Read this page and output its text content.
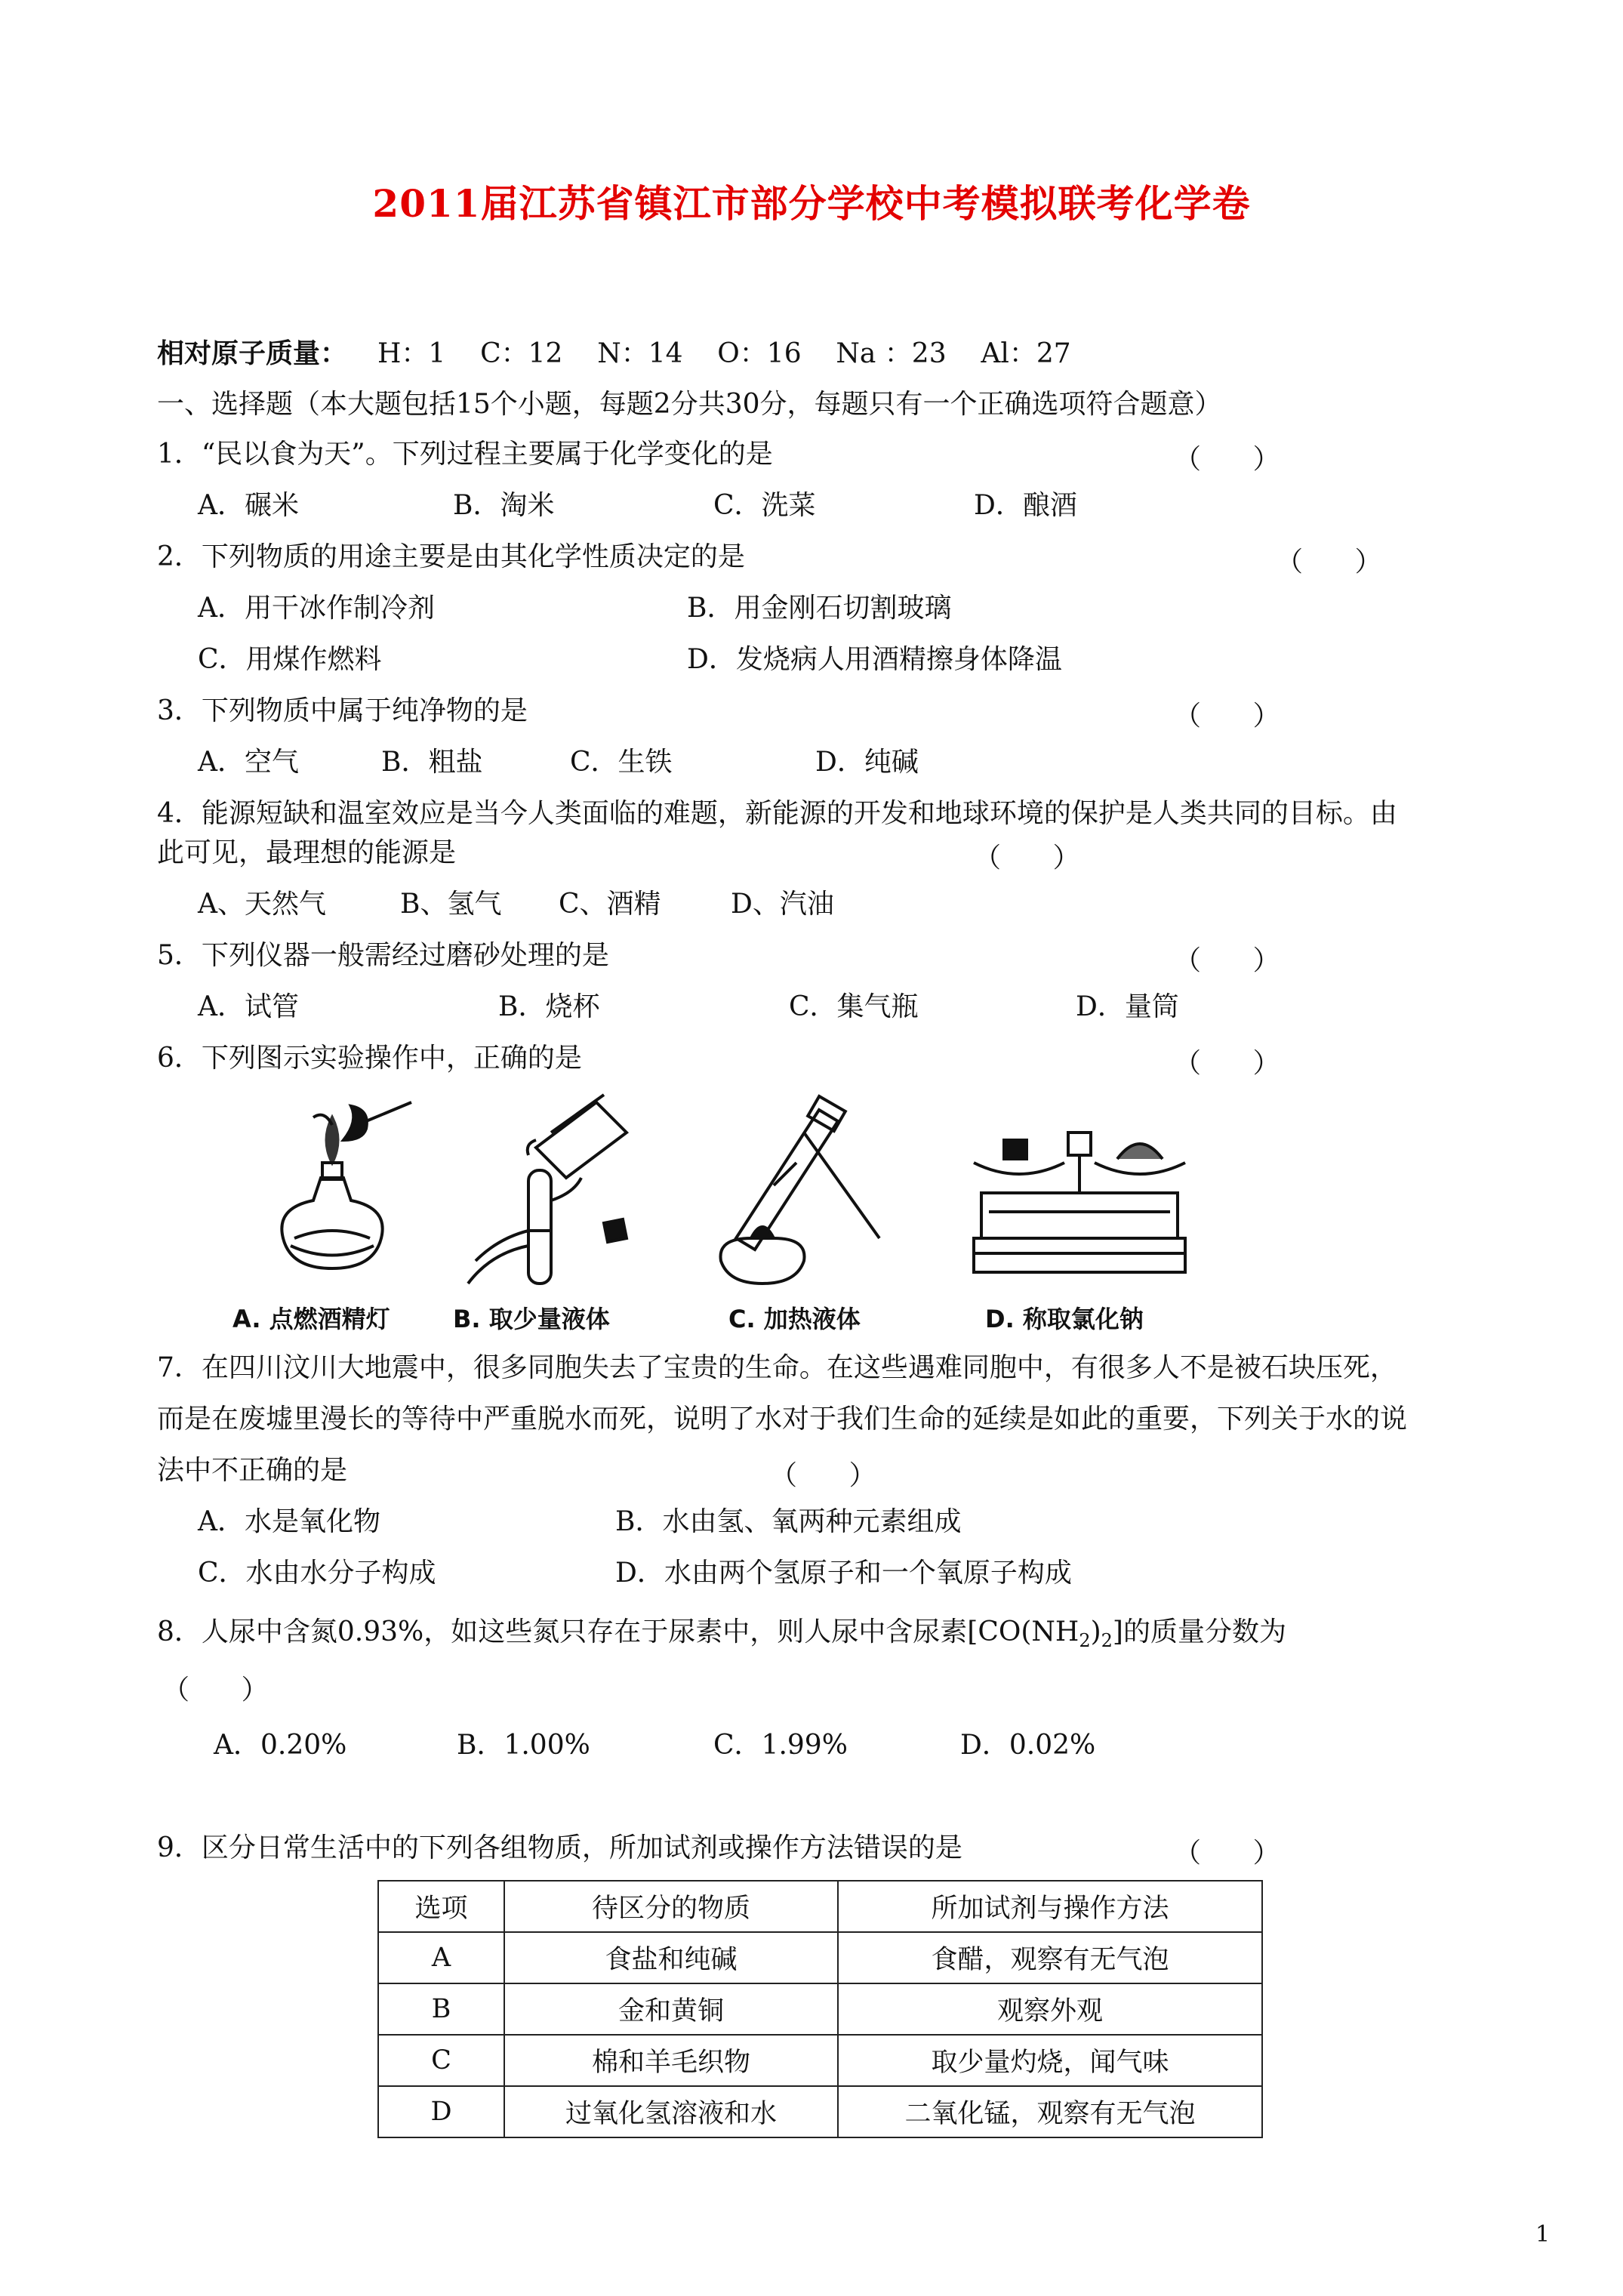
2011届江苏省镇江市部分学校中考模拟联考化学卷
相对原子质量： H：1    C：12    N：14    O：16    Na ：23    Al：27
一、选择题（本大题包括15个小题，每题2分共30分，每题只有一个正确选项符合题意）
1．“民以食为天”。下列过程主要属于化学变化的是	（      ）
A．碾米	B．淘米	C．洗菜	D．酿酒
2．下列物质的用途主要是由其化学性质决定的是	（      ）
A．用干冰作制冷剂	B．用金刚石切割玻璃
C．用煤作燃料	D．发烧病人用酒精擦身体降温
3．下列物质中属于纯净物的是	（      ）
A．空气	B．粗盐	C．生铁	D．纯碱
4．能源短缺和温室效应是当今人类面临的难题，新能源的开发和地球环境的保护是人类共同的目标。由
此可见，最理想的能源是	（      ）
A、天然气	B、氢气 C、酒精	D、汽油
5．下列仪器一般需经过磨砂处理的是	（      ）
A．试管	B．烧杯	C．集气瓶	D．量筒
6．下列图示实验操作中，正确的是	（      ）
A. 点燃酒精灯	B. 取少量液体	C. 加热液体	D. 称取氯化钠
7．在四川汶川大地震中，很多同胞失去了宝贵的生命。在这些遇难同胞中，有很多人不是被石块压死，
而是在废墟里漫长的等待中严重脱水而死，说明了水对于我们生命的延续是如此的重要，下列关于水的说
法中不正确的是	（      ）
A．水是氧化物	B．水由氢、氧两种元素组成
C．水由水分子构成	D．水由两个氢原子和一个氧原子构成
8．人尿中含氮0.93%，如这些氮只存在于尿素中，则人尿中含尿素$[CO(NH_2)_2]$的质量分数为
（      ）
A．0.20%	B．1.00%	C．1.99%	D．0.02%
9．区分日常生活中的下列各组物质，所加试剂或操作方法错误的是	（      ）
选项	待区分的物质	所加试剂与操作方法
A	食盐和纯碱	食醋，观察有无气泡
B	金和黄铜	观察外观
C	棉和羊毛织物	取少量灼烧，闻气味
D	过氧化氢溶液和水	二氧化锰，观察有无气泡
1
